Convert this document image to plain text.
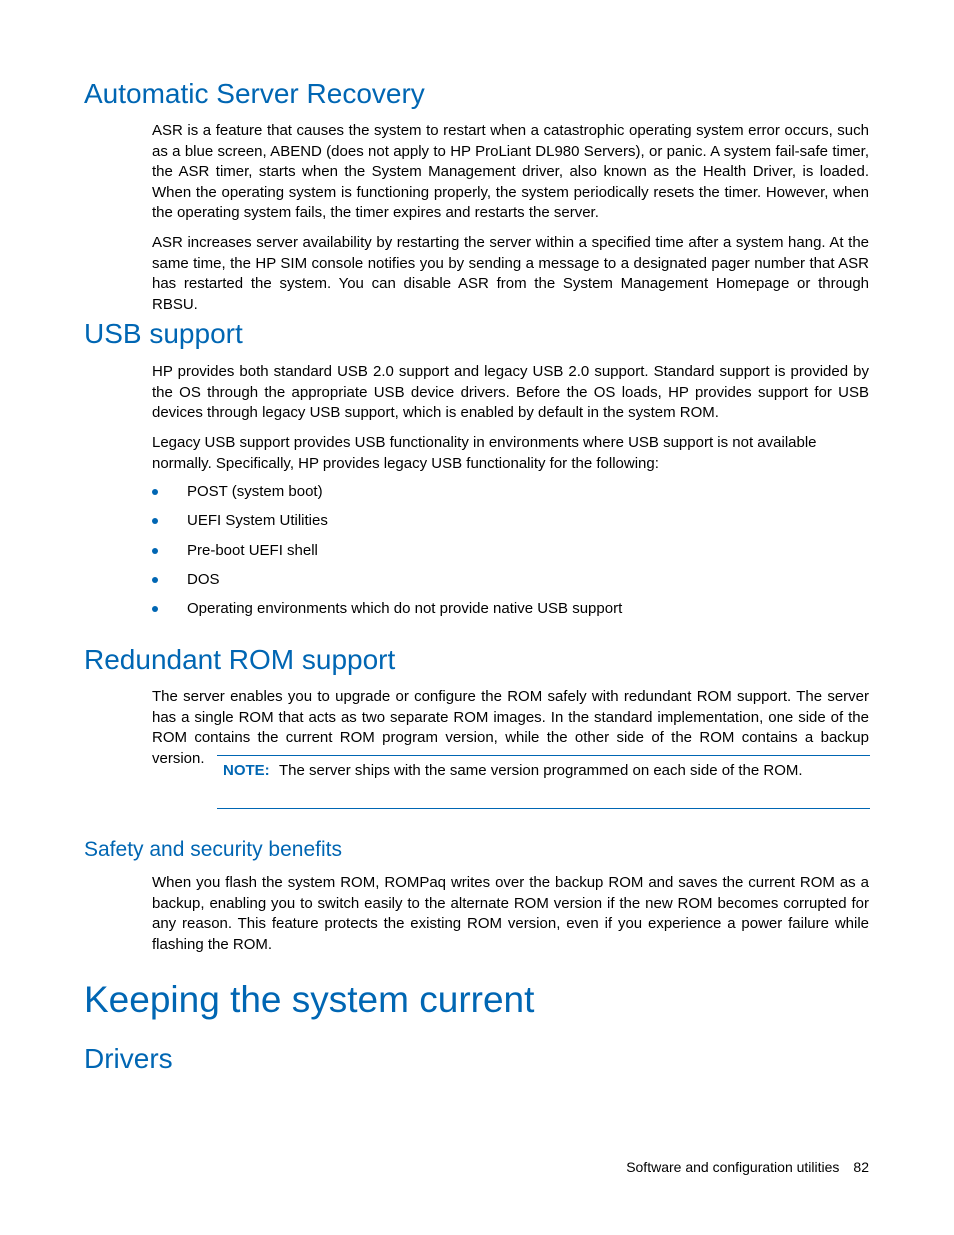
Automatic Server Recovery

ASR is a feature that causes the system to restart when a catastrophic operating system error occurs, such as a blue screen, ABEND (does not apply to HP ProLiant DL980 Servers), or panic. A system fail-safe timer, the ASR timer, starts when the System Management driver, also known as the Health Driver, is loaded. When the operating system is functioning properly, the system periodically resets the timer. However, when the operating system fails, the timer expires and restarts the server.

ASR increases server availability by restarting the server within a specified time after a system hang. At the same time, the HP SIM console notifies you by sending a message to a designated pager number that ASR has restarted the system. You can disable ASR from the System Management Homepage or through RBSU.

USB support

HP provides both standard USB 2.0 support and legacy USB 2.0 support. Standard support is provided by the OS through the appropriate USB device drivers. Before the OS loads, HP provides support for USB devices through legacy USB support, which is enabled by default in the system ROM.

Legacy USB support provides USB functionality in environments where USB support is not available normally. Specifically, HP provides legacy USB functionality for the following:

POST (system boot)
UEFI System Utilities
Pre-boot UEFI shell
DOS
Operating environments which do not provide native USB support
Redundant ROM support

The server enables you to upgrade or configure the ROM safely with redundant ROM support. The server has a single ROM that acts as two separate ROM images. In the standard implementation, one side of the ROM contains the current ROM program version, while the other side of the ROM contains a backup version.

NOTE: The server ships with the same version programmed on each side of the ROM.
Safety and security benefits

When you flash the system ROM, ROMPaq writes over the backup ROM and saves the current ROM as a backup, enabling you to switch easily to the alternate ROM version if the new ROM becomes corrupted for any reason. This feature protects the existing ROM version, even if you experience a power failure while flashing the ROM.

Keeping the system current
Drivers
Software and configuration utilities 82
